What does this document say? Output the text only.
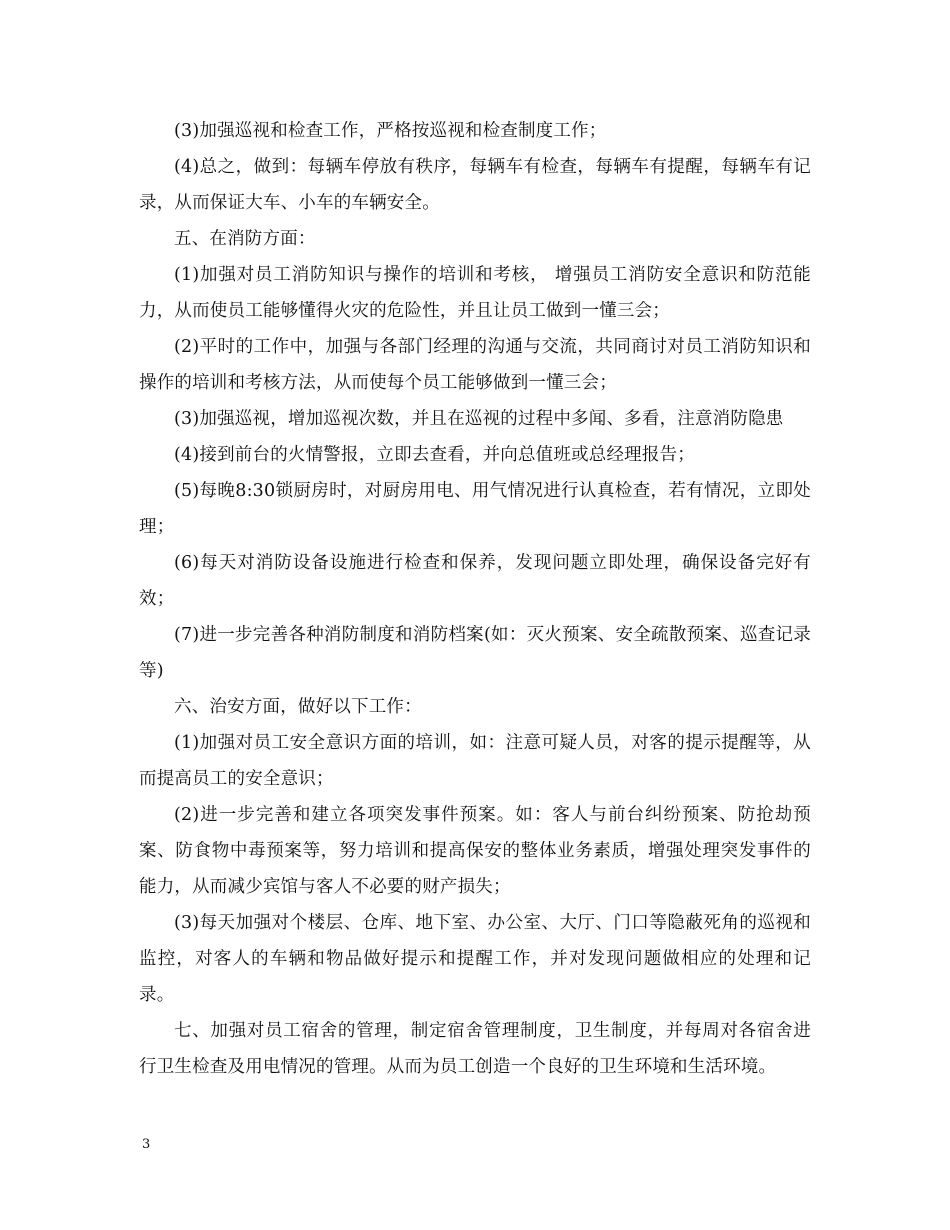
(3)加强巡视和检查工作，严格按巡视和检查制度工作；

(4)总之，做到：每辆车停放有秩序，每辆车有检查，每辆车有提醒，每辆车有记录，从而保证大车、小车的车辆安全。

五、在消防方面：

(1)加强对员工消防知识与操作的培训和考核， 增强员工消防安全意识和防范能力，从而使员工能够懂得火灾的危险性，并且让员工做到一懂三会；

(2)平时的工作中，加强与各部门经理的沟通与交流，共同商讨对员工消防知识和操作的培训和考核方法，从而使每个员工能够做到一懂三会；

(3)加强巡视，增加巡视次数，并且在巡视的过程中多闻、多看，注意消防隐患

(4)接到前台的火情警报，立即去查看，并向总值班或总经理报告；

(5)每晚8:30锁厨房时，对厨房用电、用气情况进行认真检查，若有情况，立即处理；

(6)每天对消防设备设施进行检查和保养，发现问题立即处理，确保设备完好有效；

(7)进一步完善各种消防制度和消防档案(如：灭火预案、安全疏散预案、巡查记录等)

六、治安方面，做好以下工作：

(1)加强对员工安全意识方面的培训，如：注意可疑人员，对客的提示提醒等，从而提高员工的安全意识；

(2)进一步完善和建立各项突发事件预案。如：客人与前台纠纷预案、防抢劫预案、防食物中毒预案等，努力培训和提高保安的整体业务素质，增强处理突发事件的能力，从而减少宾馆与客人不必要的财产损失；

(3)每天加强对个楼层、仓库、地下室、办公室、大厅、门口等隐蔽死角的巡视和监控，对客人的车辆和物品做好提示和提醒工作，并对发现问题做相应的处理和记录。

七、加强对员工宿舍的管理，制定宿舍管理制度，卫生制度，并每周对各宿舍进行卫生检查及用电情况的管理。从而为员工创造一个良好的卫生环境和生活环境。

3
